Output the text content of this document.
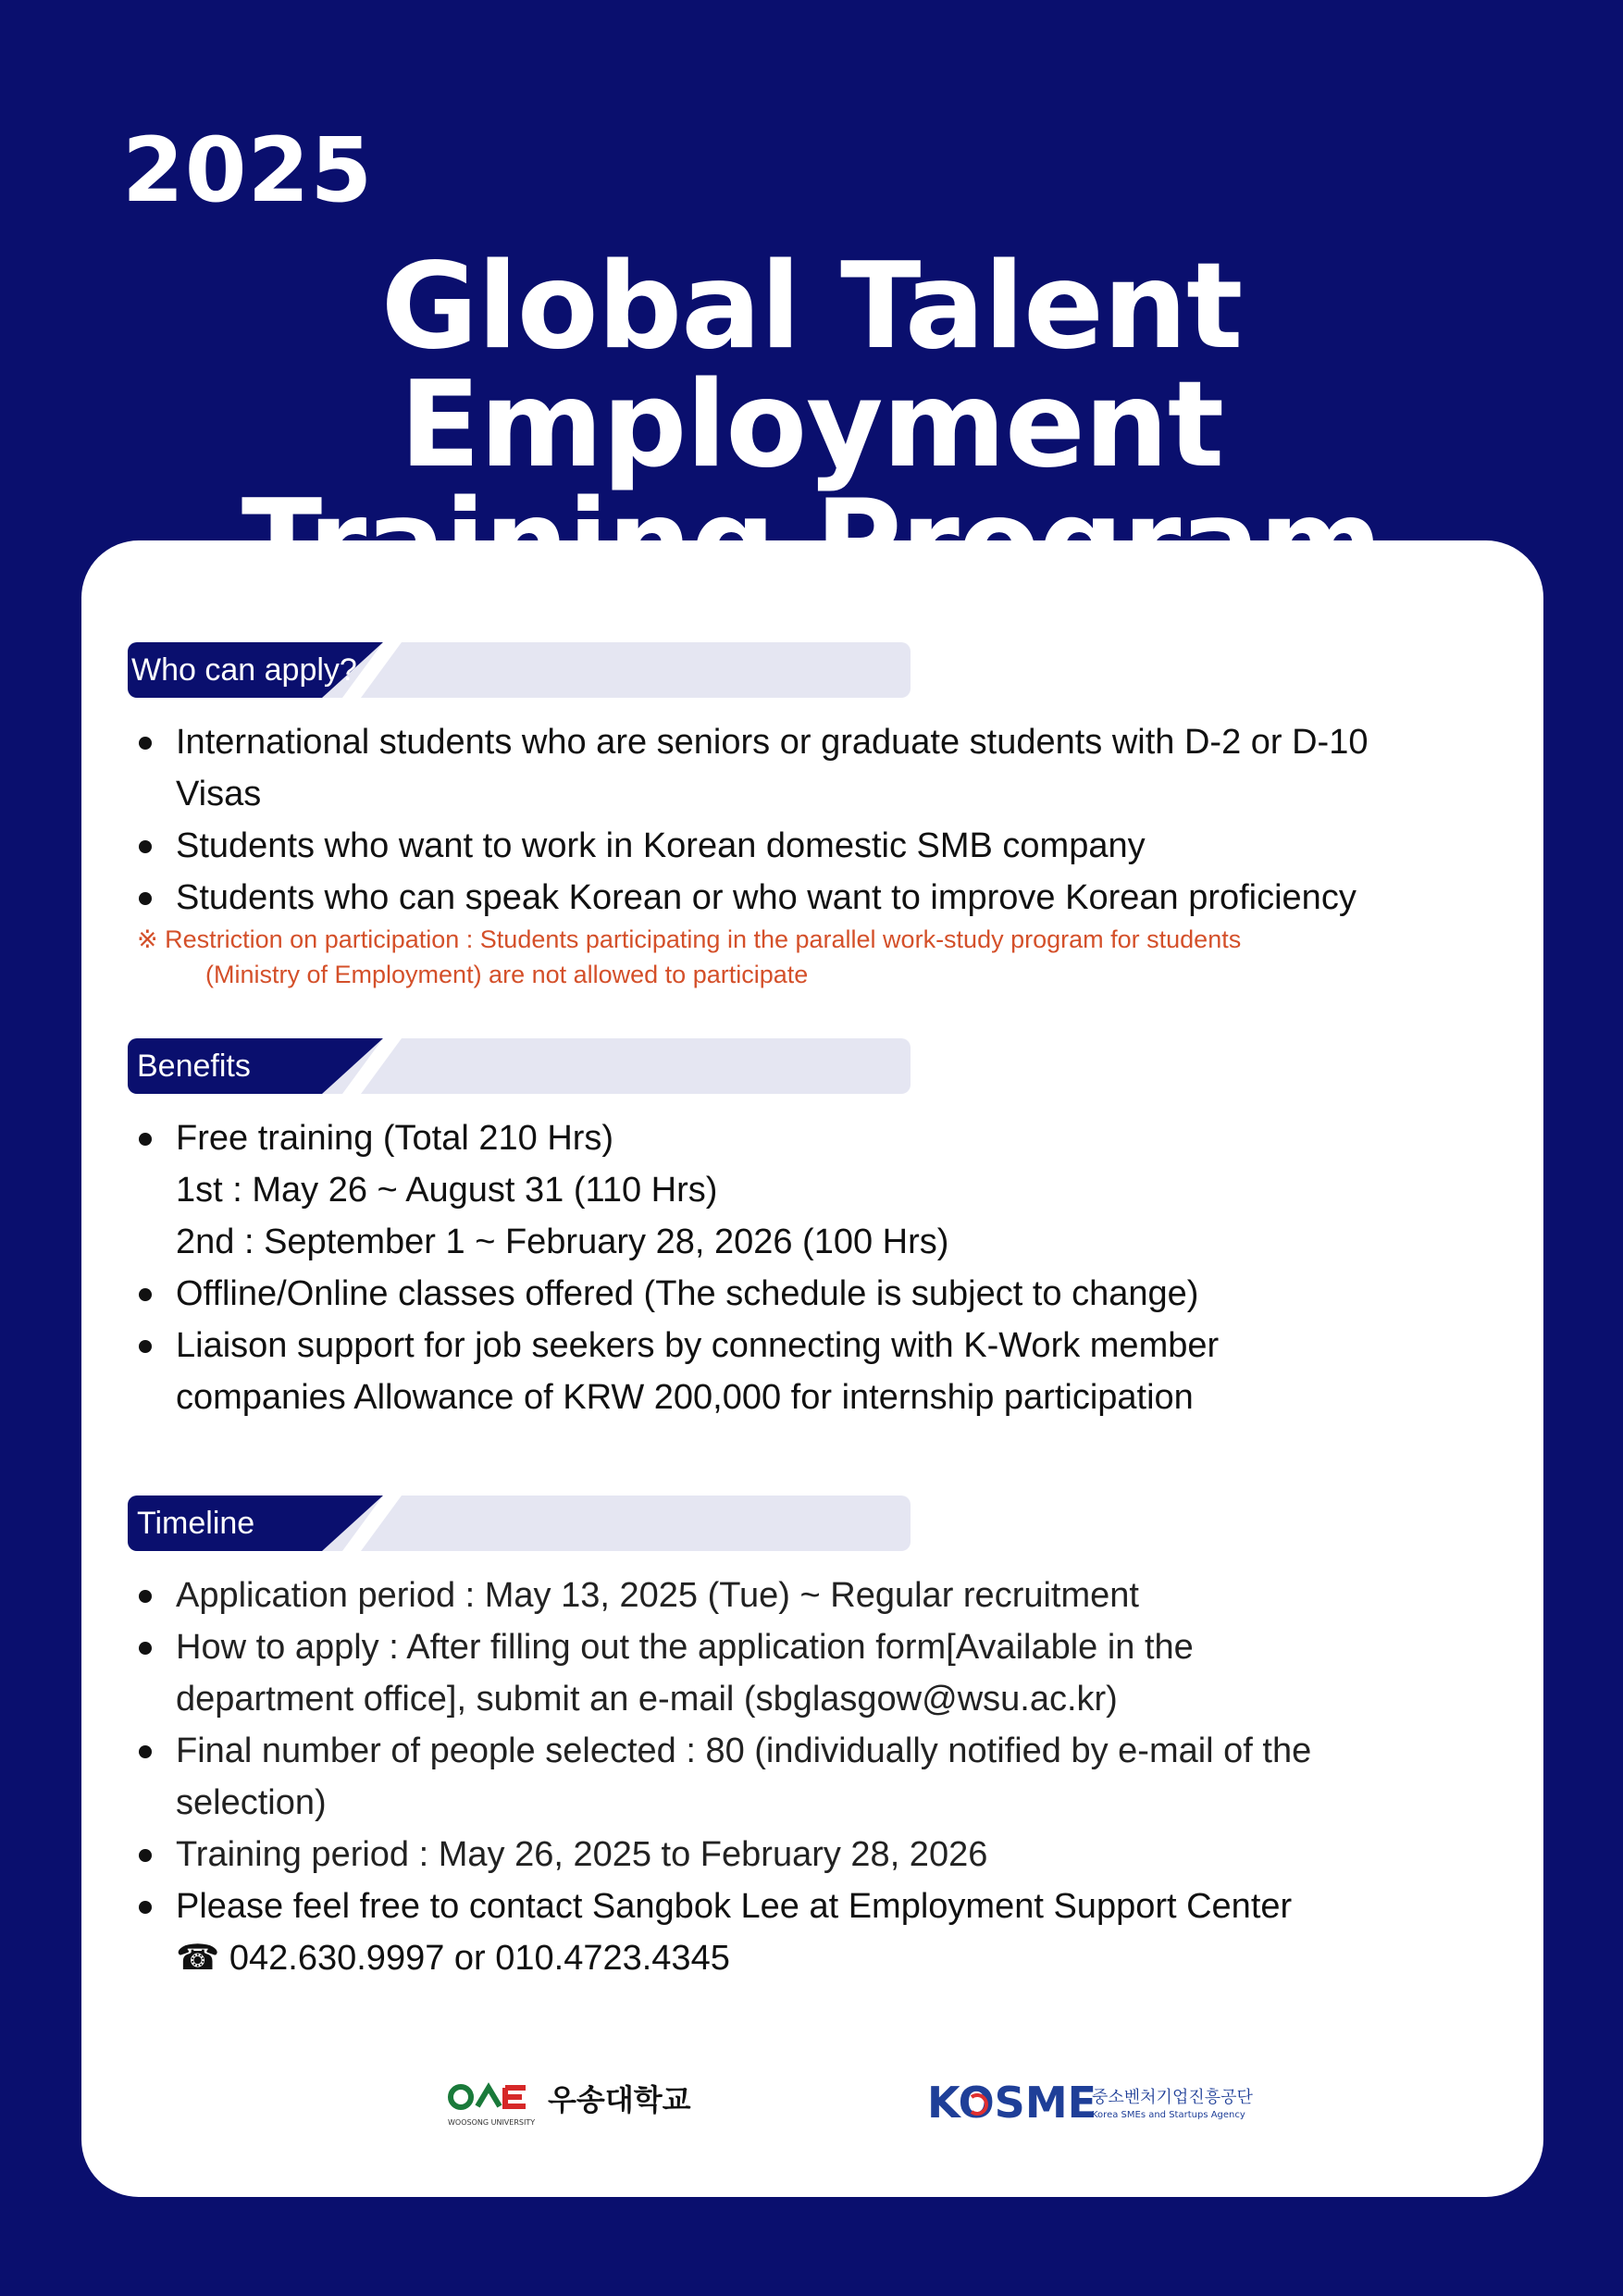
2025
Global Talent Employment
Who can apply?
International students who are seniors or graduate students with D-2 or D-10 Visas
Students who want to work in Korean domestic SMB company
Students who can speak Korean or who want to improve Korean proficiency
※ Restriction on participation : Students participating in the parallel work-study program for students
(Ministry of Employment) are not allowed to participate
Benefits
Free training (Total 210 Hrs)
1st : May 26 ~ August 31 (110 Hrs)
2nd : September 1 ~ February 28, 2026 (100 Hrs)
Offline/Online classes offered (The schedule is subject to change)
Liaison support for job seekers by connecting with K-Work member companies Allowance of KRW 200,000 for internship participation
Timeline
Application period : May 13, 2025 (Tue) ~ Regular recruitment
How to apply : After filling out the application form[Available in the department office], submit an e-mail (sbglasgow@wsu.ac.kr)
Final number of people selected : 80 (individually notified by e-mail of the selection)
Training period : May 26, 2025 to February 28, 2026
Please feel free to contact Sangbok Lee at Employment Support Center
☎ 042.630.9997 or 010.4723.4345
WOOSONG UNIVERSITY
우송대학교	KOSME
중소벤처기업진흥공단
Korea SMEs and Startups Agency
